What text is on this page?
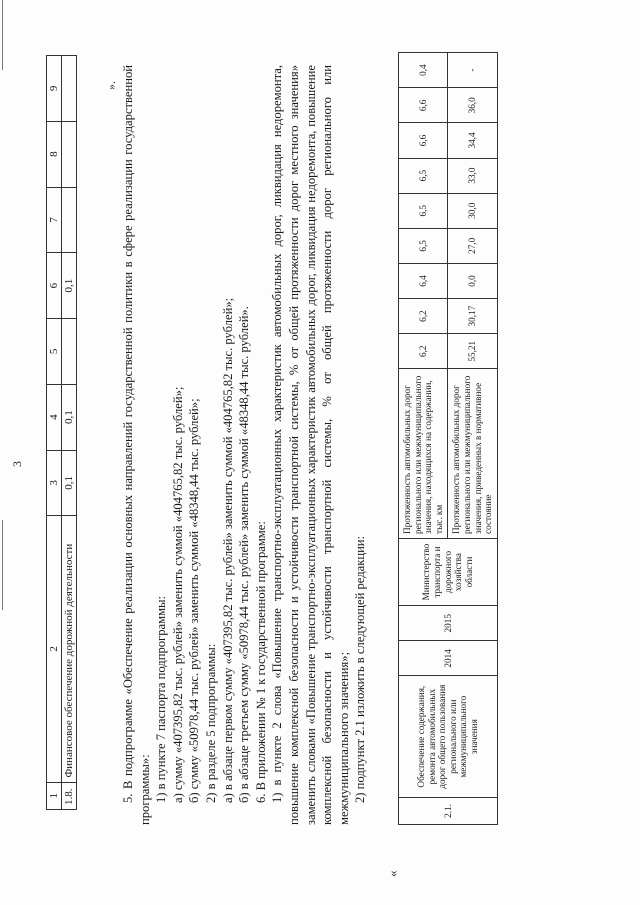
3
1	2	3	4	5	6	7	8	9
1.8.	Финансовое обеспечение дорожной деятельности	0,1	0,1		0,1			
». 5. В подпрограмме «Обеспечение реализации основных направлений государственной политики в сфере реализации государственной программы»: 1) в пункте 7 паспорта подпрограммы: а) сумму «407395,82 тыс. рублей» заменить суммой «404765,82 тыс. рублей»; б) сумму «50978,44 тыс. рублей» заменить суммой «48348,44 тыс. рублей»; 2) в разделе 5 подпрограммы: а) в абзаце первом сумму «407395,82 тыс. рублей» заменить суммой «404765,82 тыс. рублей»; б) в абзаце третьем сумму «50978,44 тыс. рублей» заменить суммой «48348,44 тыс. рублей». 6. В приложении № 1 к государственной программе: 1) в пункте 2 слова «Повышение транспортно-эксплуатационных характеристик автомобильных дорог, ликвидация недоремонта, повышение комплексной безопасности и устойчивости транспортной системы, % от общей протяженности дорог местного значения» заменить словами «Повышение транспортно-эксплуатационных характеристик автомобильных дорог, ликвидация недоремонта, повышение комплексной безопасности и устойчивости транспортной системы, % от общей протяженности дорог регионального или межмуниципального значения»; 2) подпункт 2.1 изложить в следующей редакции:

«
2.1.	Обеспечение содержания, ремонта автомобильных дорог общего пользования регионального или межмуниципального значения	2014	2015	Министерство транспорта и дорожного хозяйства области	Протяженность автомобильных дорог регионального или межмуниципального значения, находящихся на содержании, тыс. км	6,2	6,2	6,4	6,5	6,5	6,5	6,6	6,6	0,4
					Протяженность автомобильных дорог регионального или межмуниципального значения, приведенных в нормативное состояние	55,21	30,17	0,0	27,0	30,0	33,0	34,4	36,0	-
